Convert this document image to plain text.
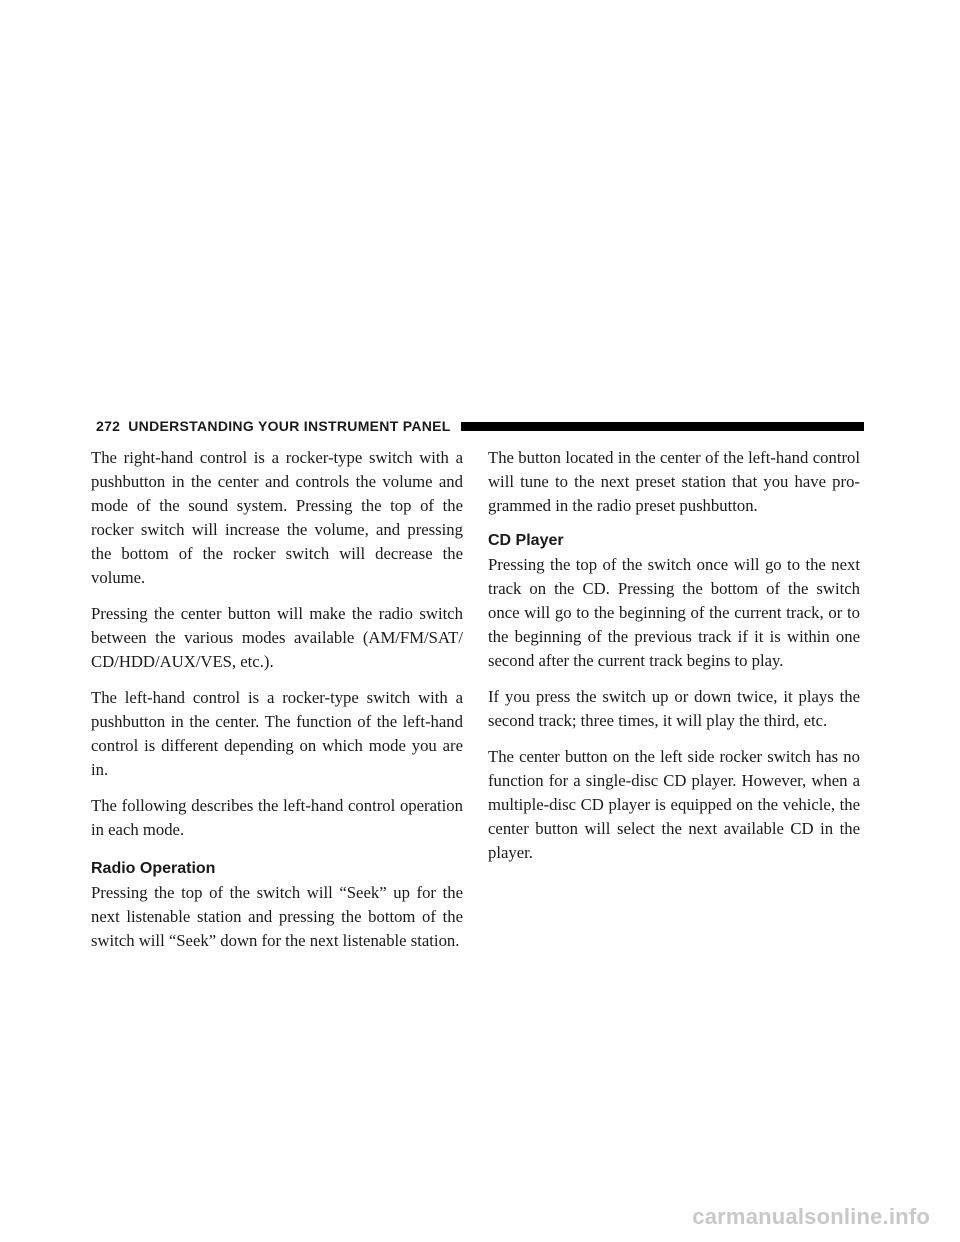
272 UNDERSTANDING YOUR INSTRUMENT PANEL

The right-hand control is a rocker-type switch with a pushbutton in the center and controls the volume and mode of the sound system. Pressing the top of the rocker switch will increase the volume, and pressing the bottom of the rocker switch will decrease the volume.

Pressing the center button will make the radio switch between the various modes available (AM/FM/SAT/ CD/HDD/AUX/VES, etc.).

The left-hand control is a rocker-type switch with a pushbutton in the center. The function of the left-hand control is different depending on which mode you are in.

The following describes the left-hand control operation in each mode.

Radio Operation

Pressing the top of the switch will “Seek” up for the next listenable station and pressing the bottom of the switch will “Seek” down for the next listenable station.

The button located in the center of the left-hand control will tune to the next preset station that you have pro- grammed in the radio preset pushbutton.

CD Player

Pressing the top of the switch once will go to the next track on the CD. Pressing the bottom of the switch once will go to the beginning of the current track, or to the beginning of the previous track if it is within one second after the current track begins to play.

If you press the switch up or down twice, it plays the second track; three times, it will play the third, etc.

The center button on the left side rocker switch has no function for a single-disc CD player. However, when a multiple-disc CD player is equipped on the vehicle, the center button will select the next available CD in the player.

carmanualsonline.info
